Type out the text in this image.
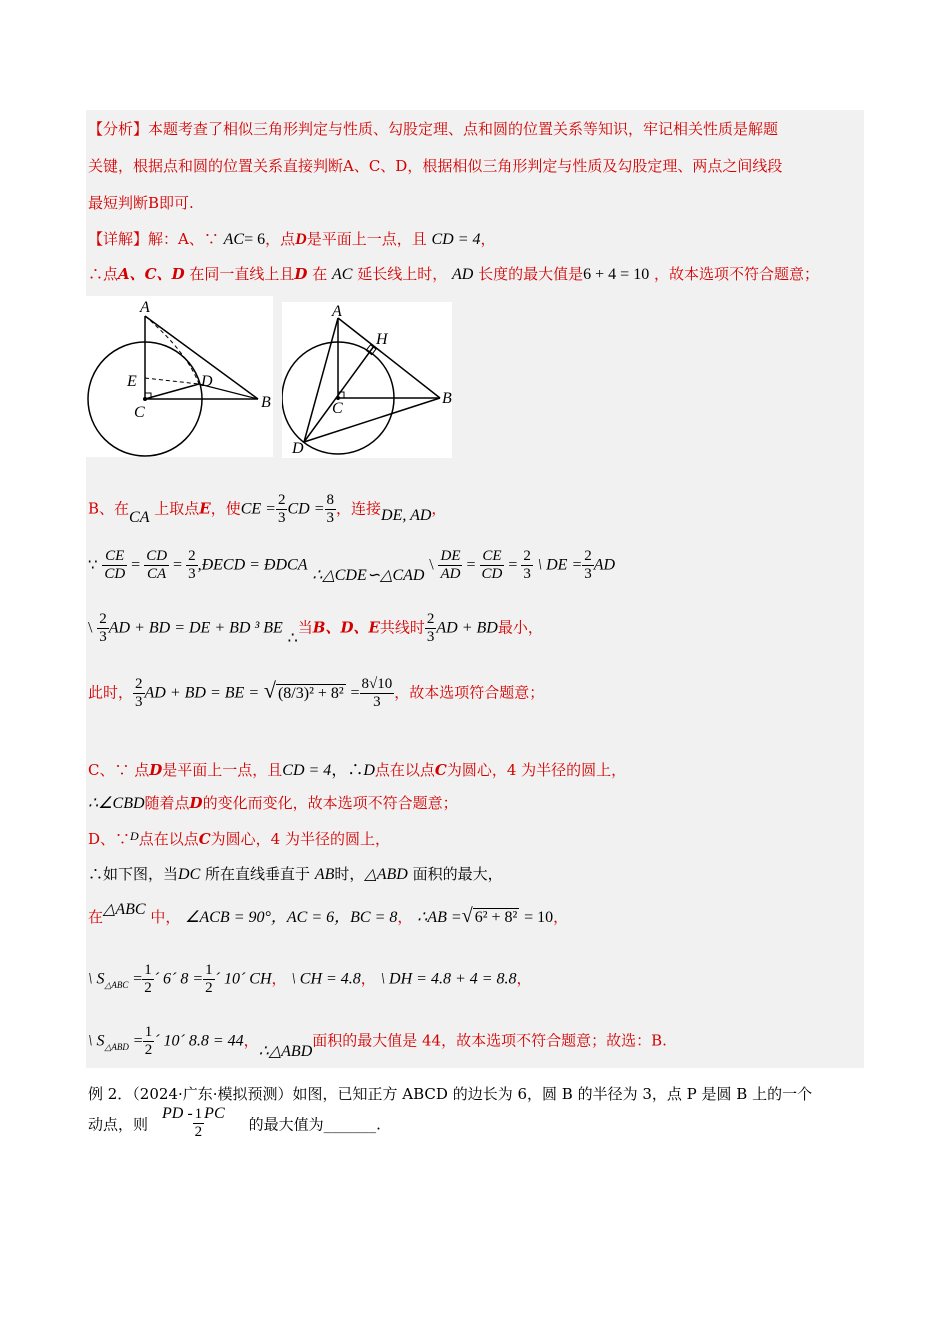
【分析】本题考查了相似三角形判定与性质、勾股定理、点和圆的位置关系等知识，牢记相关性质是解题
关键，根据点和圆的位置关系直接判断A、C、D，根据相似三角形判定与性质及勾股定理、两点之间线段
最短判断B即可.
【详解】解：A、∵ AC= 6，点D是平面上一点，且 CD = 4，
∴点A、C、D 在同一直线上且D 在 AC 延长线上时， AD 长度的最大值是6 + 4 = 10 ，故本选项不符合题意；
A
E	D
C
B
A
H
C
B
D
B、在CA 上取点E，使CE = $\frac{2}{3}$ CD = $\frac{8}{3}$ ，连接DE, AD，
∵ $\frac{CE}{CD} = \frac{CD}{CA} = \frac{2}{3}$ ,ÐECD = ÐDCA ∴△CDE∽△CAD \ $\frac{DE}{AD} = \frac{CE}{CD} = \frac{2}{3}$ \ DE = $\frac{2}{3}$ AD
\ $\frac{2}{3}$ AD + BD = DE + BD ³ BE ∴当B、D、E共线时 $\frac{2}{3}$ AD + BD最小，
此时， $\frac{2}{3}$ AD + BD = BE = √ $(8/3)^2 + 8^2 = \frac{8√10}{3}$ ，故本选项符合题意；
C、∵ 点D是平面上一点，且CD = 4，∴D点在以点C为圆心，4 为半径的圆上，
∴∠CBD随着点D的变化而变化，故本选项不符合题意；
D、∵$^D$点在以点C为圆心，4 为半径的圆上，
∴如下图，当DC 所在直线垂直于 AB时，△ABD 面积的最大，
在△ABC 中， ∠ACB = 90°，AC = 6，BC = 8， ∴AB =√ 6² + 8² = 10，
\ $S_{\triangle ABC} = \frac{1}{2}$ ´ 6´ $8 = \frac{1}{2}$ ´ 10´ CH， \ CH = 4.8， \ DH = 4.8 + 4 = 8.8，
\ $S_{\triangle ABD} = \frac{1}{2}$ ´ 10´ 8.8 = 44，∴△ABD面积的最大值是 44，故本选项不符合题意；故选：B.
例 2．（2024·广东·模拟预测）如图，已知正方 ABCD 的边长为 6，圆 B 的半径为 3，点 P 是圆 B 上的一个
动点，则PD - $\frac{1}{2}$ PC的最大值为_______.
